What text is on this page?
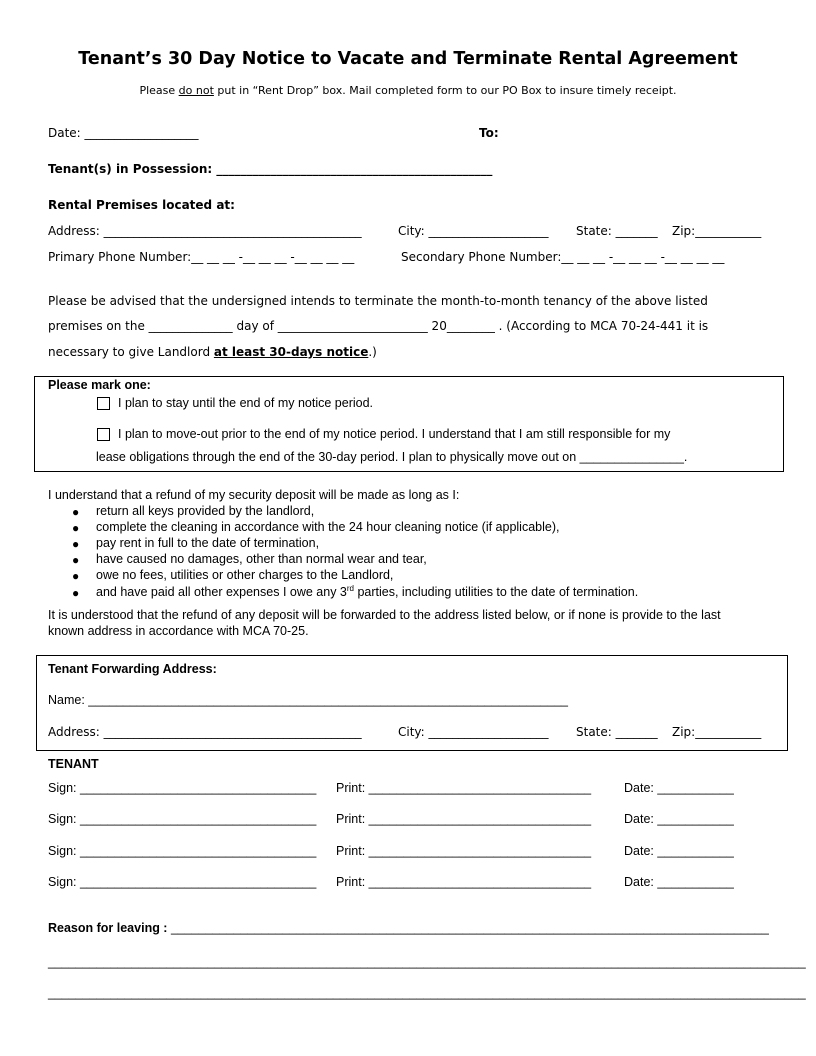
Tenant’s 30 Day Notice to Vacate and Terminate Rental Agreement
Please do not put in “Rent Drop” box. Mail completed form to our PO Box to insure timely receipt.
Date: ___________________	To:
Tenant(s) in Possession: ______________________________________________
Rental Premises located at:
Address: ___________________________________________	City: ____________________ State: _______ Zip:___________
Primary Phone Number:__ __ __ -__ __ __ -__ __ __ __	Secondary Phone Number:__ __ __ -__ __ __ -__ __ __ __
Please be advised that the undersigned intends to terminate the month-to-month tenancy of the above listed
premises on the ______________ day of _________________________ 20________ . (According to MCA 70-24-441 it is
necessary to give Landlord at least 30-days notice.)
Please mark one:
I plan to stay until the end of my notice period.
I plan to move-out prior to the end of my notice period. I understand that I am still responsible for my
lease obligations through the end of the 30-day period. I plan to physically move out on _______________.
I understand that a refund of my security deposit will be made as long as I:
● return all keys provided by the landlord,
● complete the cleaning in accordance with the 24 hour cleaning notice (if applicable),
● pay rent in full to the date of termination,
● have caused no damages, other than normal wear and tear,
● owe no fees, utilities or other charges to the Landlord,
● and have paid all other expenses I owe any 3rd parties, including utilities to the date of termination.
It is understood that the refund of any deposit will be forwarded to the address listed below, or if none is provide to the last
known address in accordance with MCA 70-25.
Tenant Forwarding Address:
Name: _____________________________________________________________________
Address: ___________________________________________	City: ____________________ State: _______ Zip:___________
TENANT
Sign: __________________________________ Print: ________________________________	Date: ___________
Sign: __________________________________ Print: ________________________________	Date: ___________
Sign: __________________________________ Print: ________________________________	Date: ___________
Sign: __________________________________ Print: ________________________________	Date: ___________
Reason for leaving : ______________________________________________________________________________________
_____________________________________________________________________________________________________________
_____________________________________________________________________________________________________________
